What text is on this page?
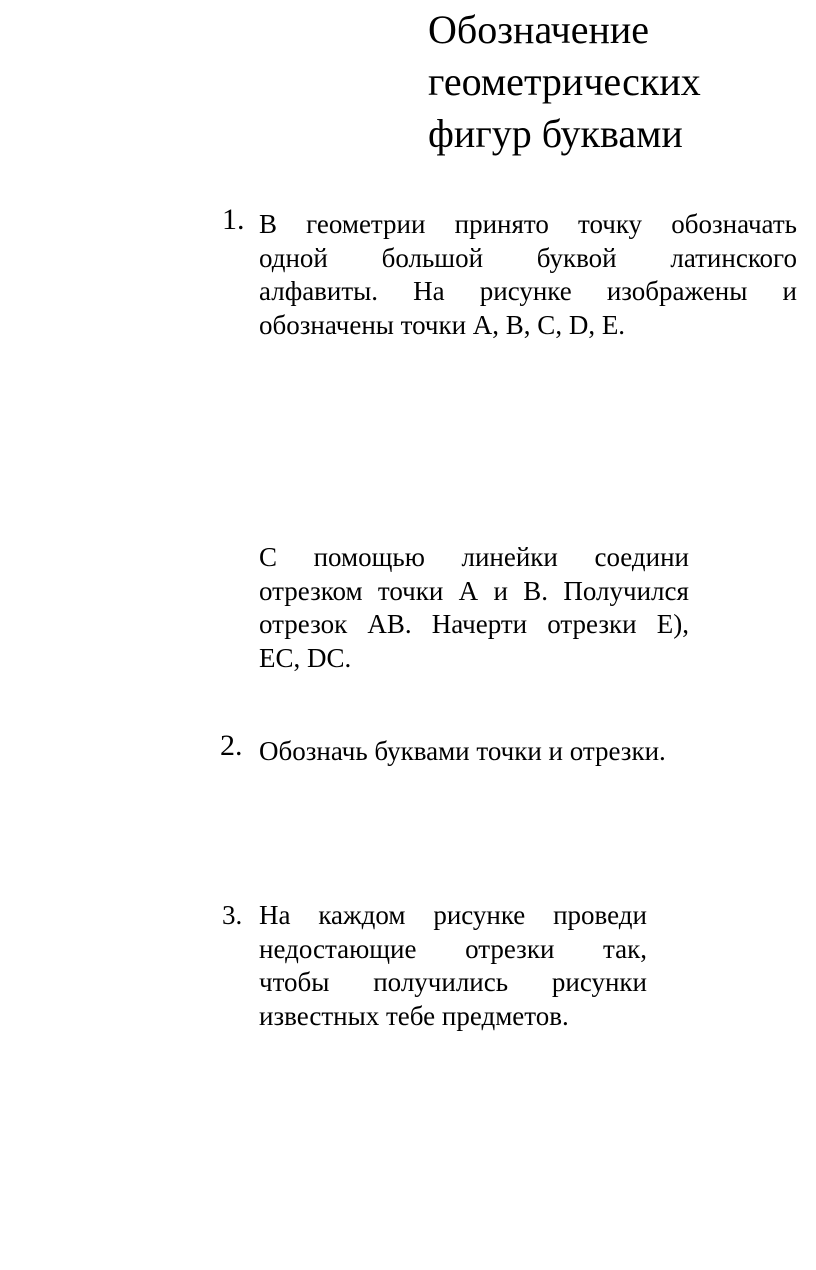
Обозначение
геометрических
фигур буквами
1. В геометрии принято точку обозначать
одной большой буквой латинского
алфавиты. На рисунке изображены и
обозначены точки А, В, С, D, Е.
С помощью линейки соедини
отрезком точки А и В. Получился
отрезок АВ. Начерти отрезки Е),
ЕС, DC.
2. Обозначь буквами точки и отрезки.
3. На каждом рисунке проведи
недостающие отрезки так,
чтобы получились рисунки
известных тебе предметов.
